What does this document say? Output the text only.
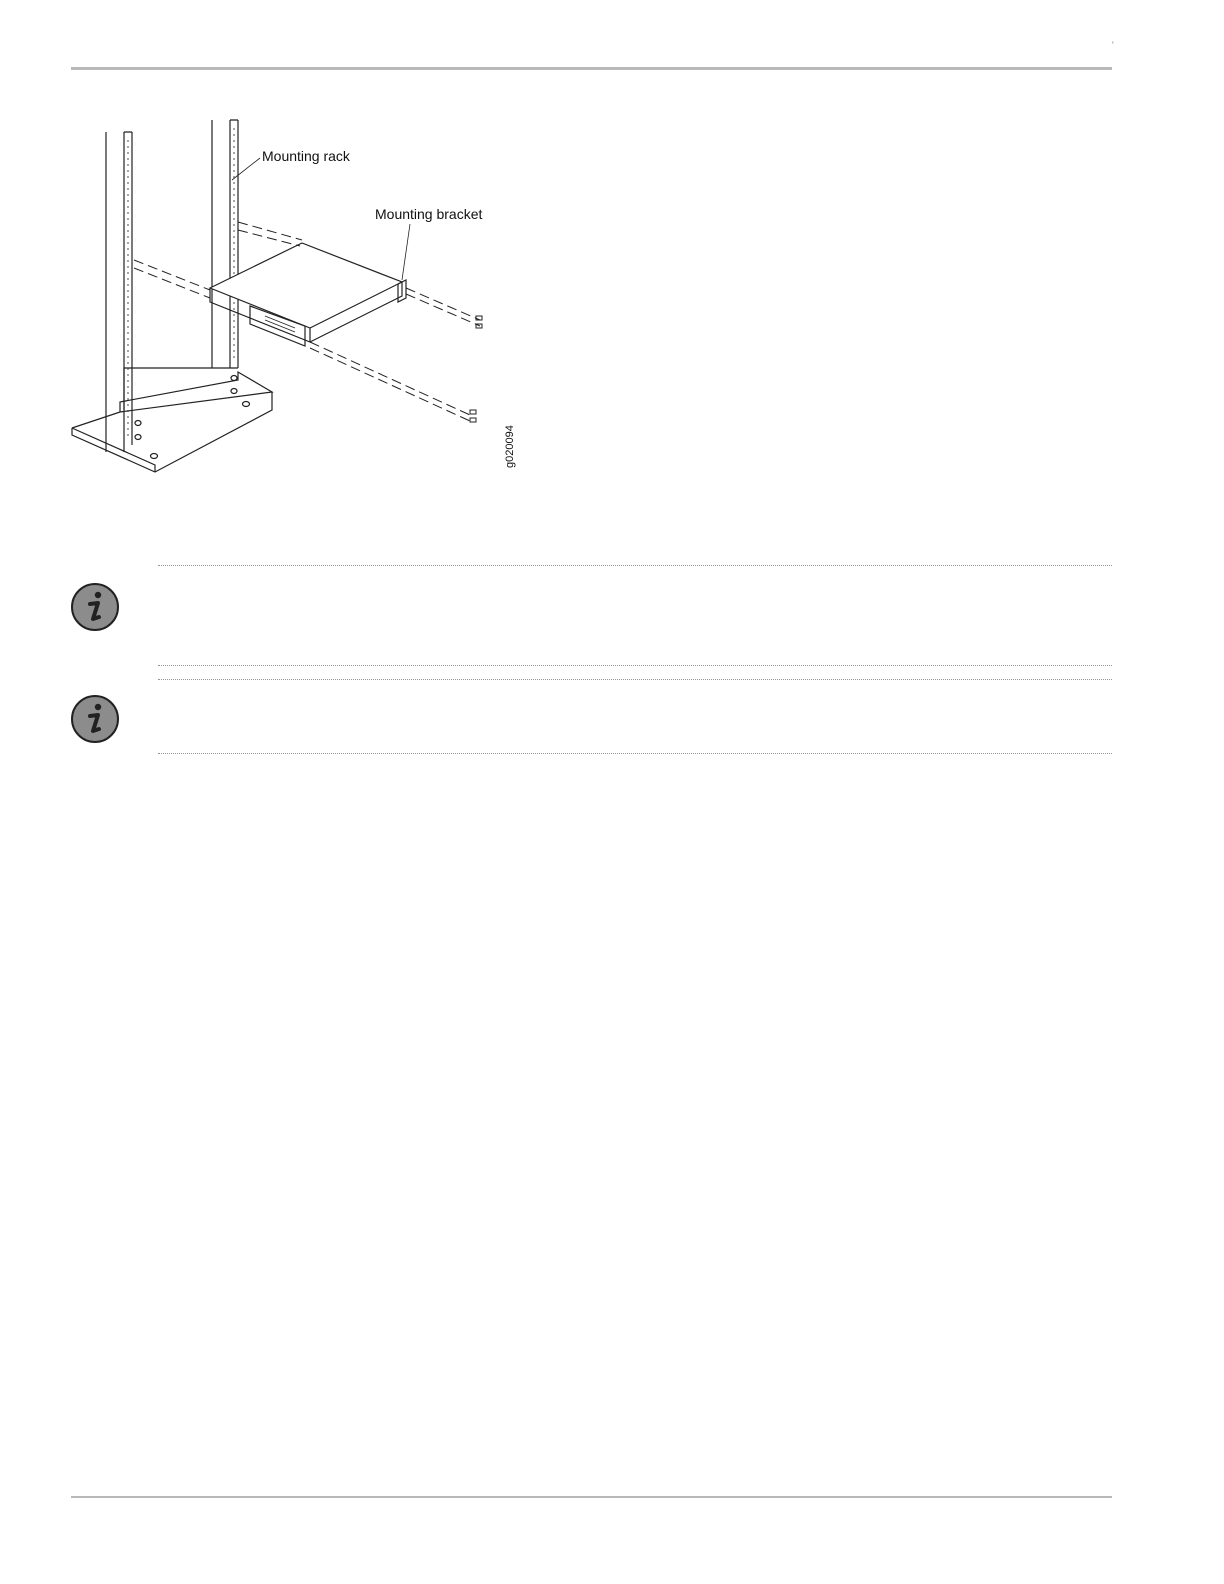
'
Mounting rack
Mounting bracket
g020094
